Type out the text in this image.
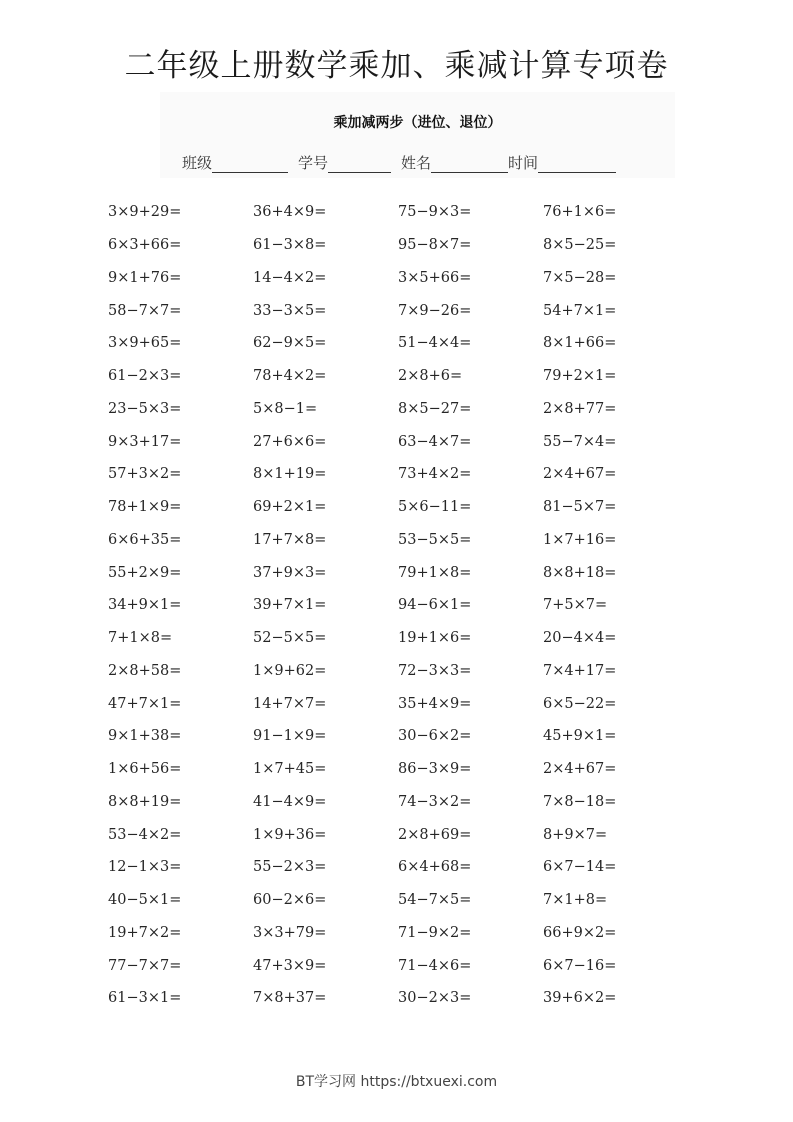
二年级上册数学乘加、乘减计算专项卷
乘加减两步（进位、退位）
班级	学号	姓名	时间
3×9+29=	36+4×9=	75−9×3=	76+1×6=
6×3+66=	61−3×8=	95−8×7=	8×5−25=
9×1+76=	14−4×2=	3×5+66=	7×5−28=
58−7×7=	33−3×5=	7×9−26=	54+7×1=
3×9+65=	62−9×5=	51−4×4=	8×1+66=
61−2×3=	78+4×2=	2×8+6=	79+2×1=
23−5×3=	5×8−1=	8×5−27=	2×8+77=
9×3+17=	27+6×6=	63−4×7=	55−7×4=
57+3×2=	8×1+19=	73+4×2=	2×4+67=
78+1×9=	69+2×1=	5×6−11=	81−5×7=
6×6+35=	17+7×8=	53−5×5=	1×7+16=
55+2×9=	37+9×3=	79+1×8=	8×8+18=
34+9×1=	39+7×1=	94−6×1=	7+5×7=
7+1×8=	52−5×5=	19+1×6=	20−4×4=
2×8+58=	1×9+62=	72−3×3=	7×4+17=
47+7×1=	14+7×7=	35+4×9=	6×5−22=
9×1+38=	91−1×9=	30−6×2=	45+9×1=
1×6+56=	1×7+45=	86−3×9=	2×4+67=
8×8+19=	41−4×9=	74−3×2=	7×8−18=
53−4×2=	1×9+36=	2×8+69=	8+9×7=
12−1×3=	55−2×3=	6×4+68=	6×7−14=
40−5×1=	60−2×6=	54−7×5=	7×1+8=
19+7×2=	3×3+79=	71−9×2=	66+9×2=
77−7×7=	47+3×9=	71−4×6=	6×7−16=
61−3×1=	7×8+37=	30−2×3=	39+6×2=
BT学习网 https://btxuexi.com
